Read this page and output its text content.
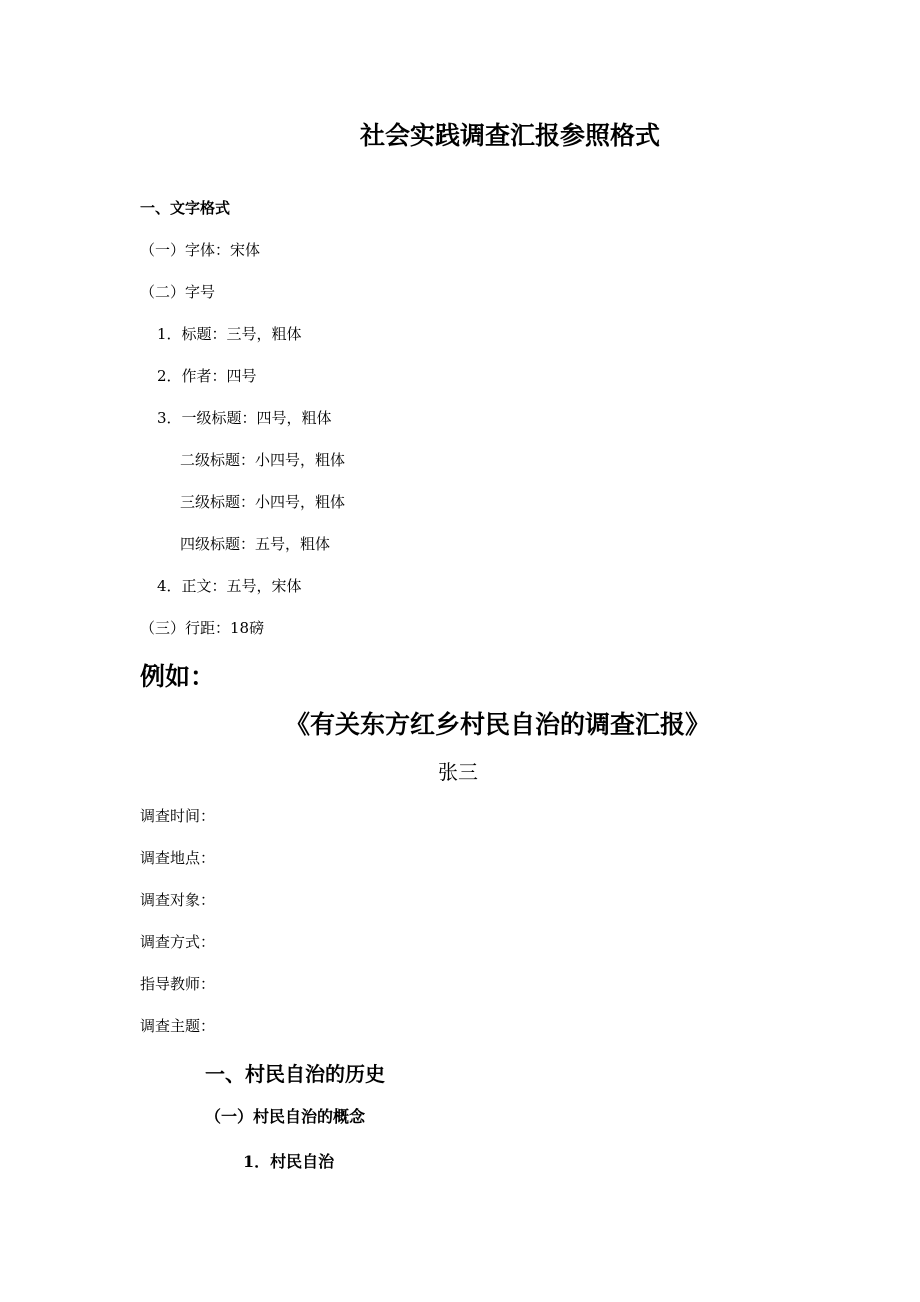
社会实践调查汇报参照格式
一、文字格式
（一）字体：宋体
（二）字号
1．标题：三号，粗体
2．作者：四号
3．一级标题：四号，粗体
二级标题：小四号，粗体
三级标题：小四号，粗体
四级标题：五号，粗体
4．正文：五号，宋体
（三）行距：18磅
例如：
《有关东方红乡村民自治的调查汇报》
张三
调查时间：
调查地点：
调查对象：
调查方式：
指导教师：
调查主题：
一、村民自治的历史
（一）村民自治的概念
1．村民自治
